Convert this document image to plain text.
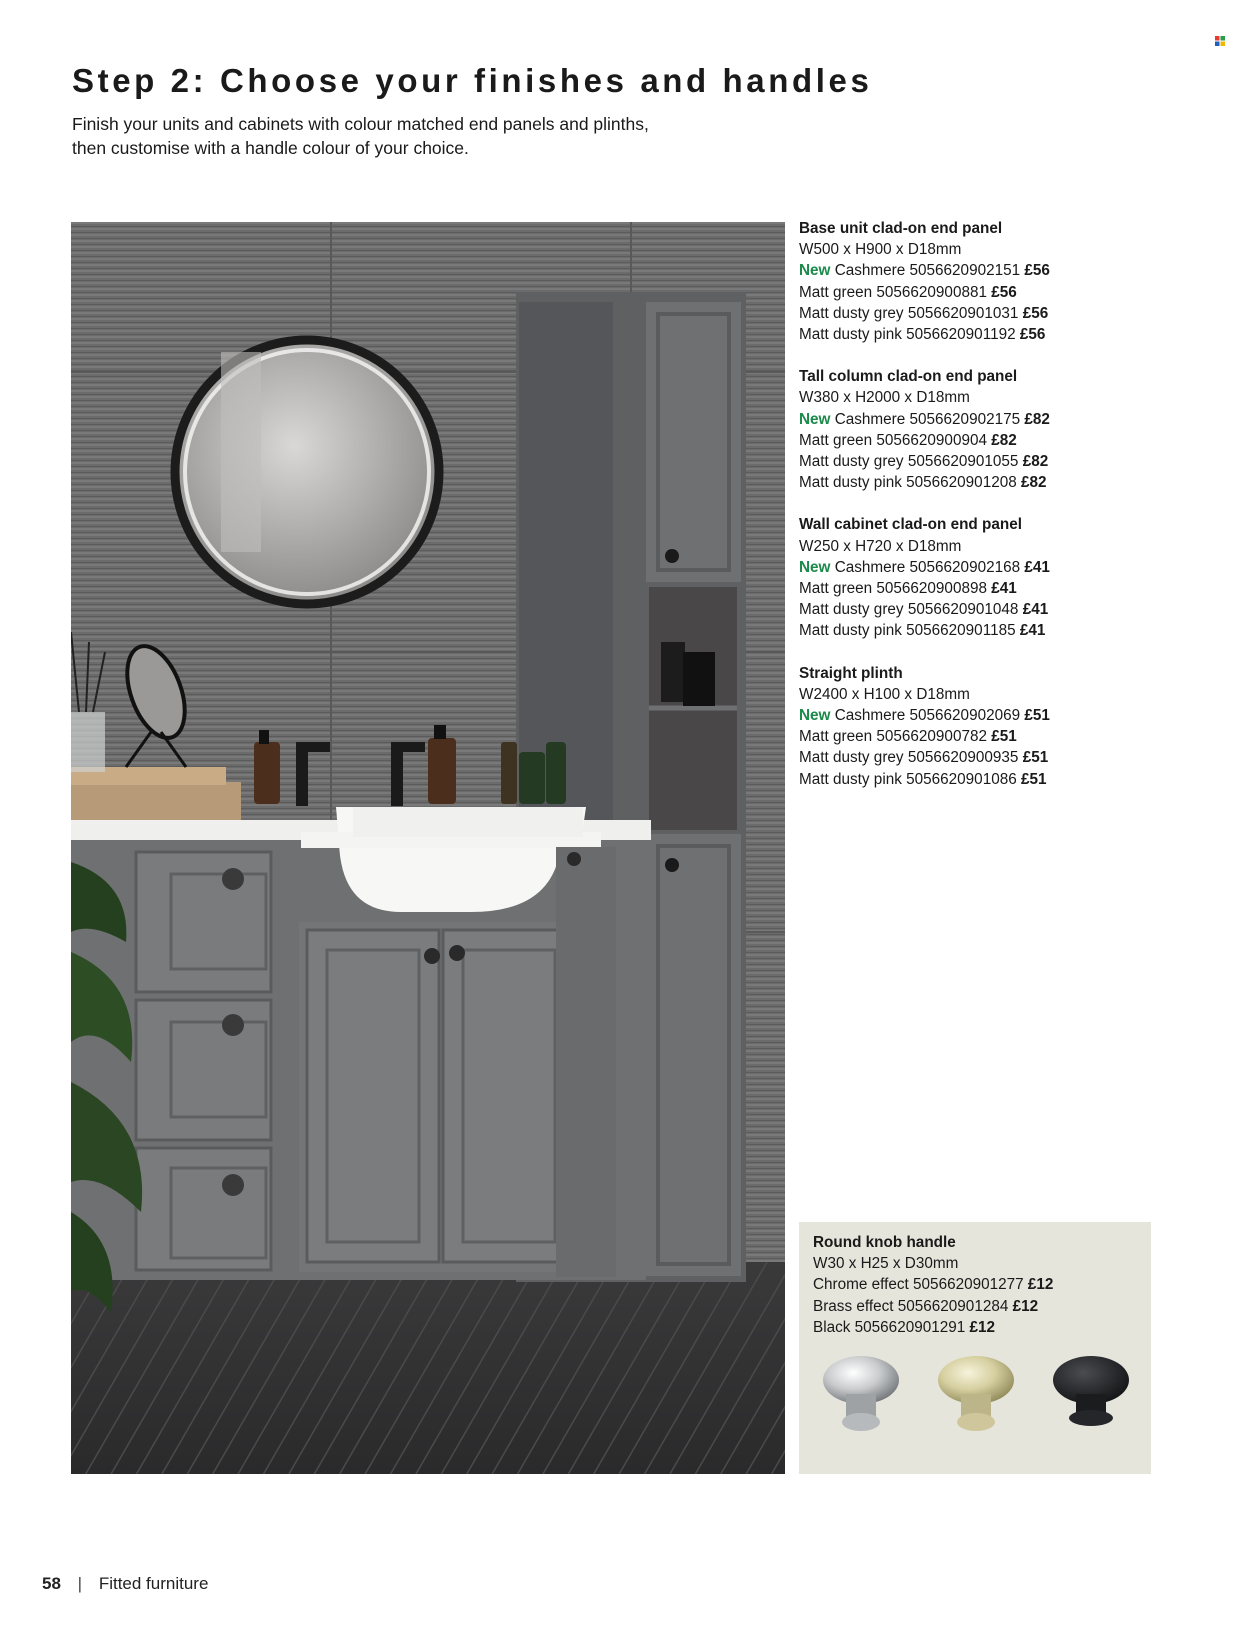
Step 2: Choose your finishes and handles

Finish your units and cabinets with colour matched end panels and plinths,
then customise with a handle colour of your choice.

Base unit clad-on end panel
W500 x H900 x D18mm
New Cashmere 5056620902151 £56
Matt green 5056620900881 £56
Matt dusty grey 5056620901031 £56
Matt dusty pink 5056620901192 £56
Tall column clad-on end panel
W380 x H2000 x D18mm
New Cashmere 5056620902175 £82
Matt green 5056620900904 £82
Matt dusty grey 5056620901055 £82
Matt dusty pink 5056620901208 £82
Wall cabinet clad-on end panel
W250 x H720 x D18mm
New Cashmere 5056620902168 £41
Matt green 5056620900898 £41
Matt dusty grey 5056620901048 £41
Matt dusty pink 5056620901185 £41
Straight plinth
W2400 x H100 x D18mm
New Cashmere 5056620902069 £51
Matt green 5056620900782 £51
Matt dusty grey 5056620900935 £51
Matt dusty pink 5056620901086 £51
Round knob handle
W30 x H25 x D30mm
Chrome effect 5056620901277 £12
Brass effect 5056620901284 £12
Black 5056620901291 £12
58 | Fitted furniture
